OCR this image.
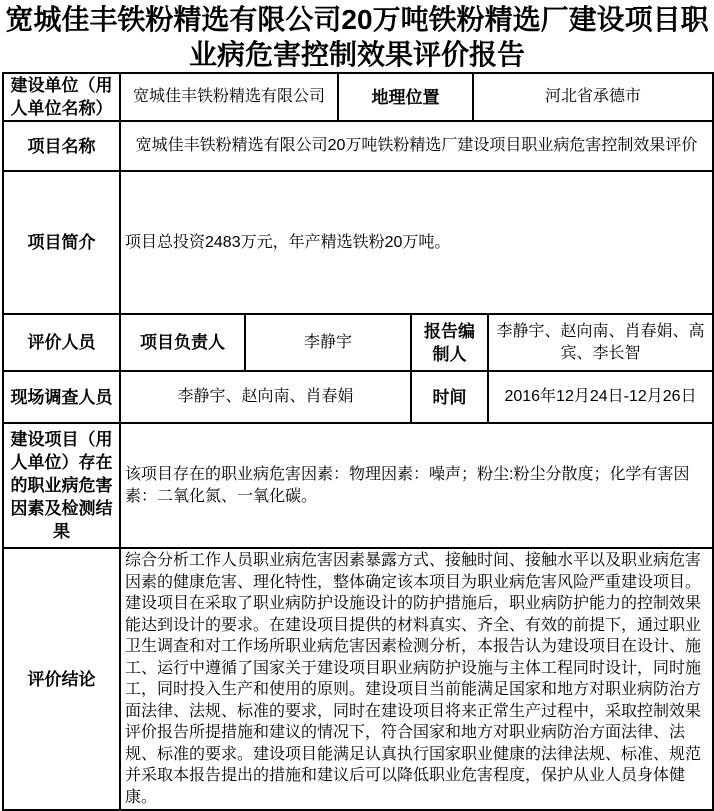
宽城佳丰铁粉精选有限公司20万吨铁粉精选厂建设项目职业病危害控制效果评价报告
建设单位（用人单位名称）	宽城佳丰铁粉精选有限公司		地理位置		河北省承德市	
项目名称	宽城佳丰铁粉精选有限公司20万吨铁粉精选厂建设项目职业病危害控制效果评价					
项目简介	项目总投资2483万元，年产精选铁粉20万吨。					
评价人员	项目负责人	李静宇		报告编制人		李静宇、赵向南、肖春娟、高宾、李长智
现场调查人员	李静宇、赵向南、肖春娟			时间		2016年12月24日-12月26日
建设项目（用人单位）存在的职业病危害因素及检测结果	该项目存在的职业病危害因素：物理因素：噪声；粉尘:粉尘分散度；化学有害因素：二氧化氮、一氧化碳。					
评价结论	综合分析工作人员职业病危害因素暴露方式、接触时间、接触水平以及职业病危害因素的健康危害、理化特性，整体确定该本项目为职业病危害风险严重建设项目。
建设项目在采取了职业病防护设施设计的防护措施后，职业病防护能力的控制效果能达到设计的要求。在建设项目提供的材料真实、齐全、有效的前提下，通过职业卫生调查和对工作场所职业病危害因素检测分析，本报告认为建设项目在设计、施工、运行中遵循了国家关于建设项目职业病防护设施与主体工程同时设计，同时施工，同时投入生产和使用的原则。建设项目当前能满足国家和地方对职业病防治方面法律、法规、标准的要求，同时在建设项目将来正常生产过程中，采取控制效果评价报告所提措施和建议的情况下，符合国家和地方对职业病防治方面法律、法规、标准的要求。建设项目能满足认真执行国家职业健康的法律法规、标准、规范并采取本报告提出的措施和建议后可以降低职业危害程度，保护从业人员身体健康。					
